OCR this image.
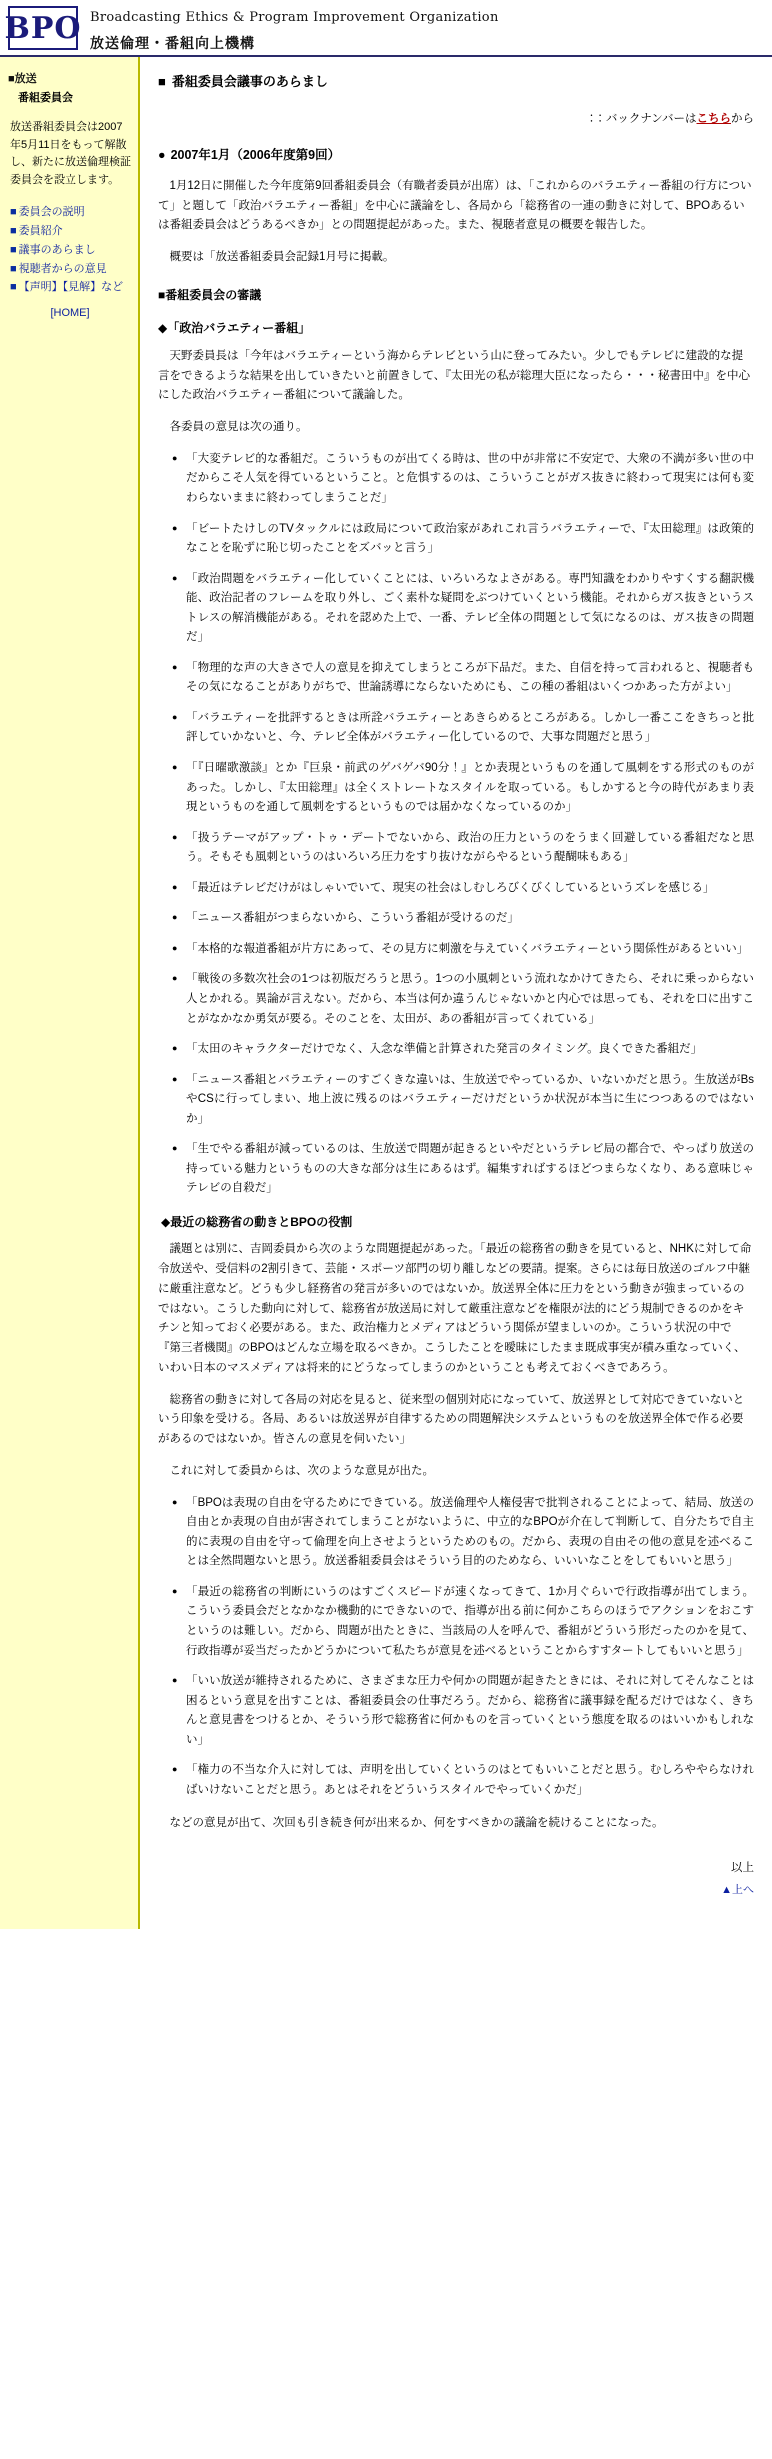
BPO Broadcasting Ethics & Program Improvement Organization
放送倫理・番組向上機構
■放送
番組委員会

放送番組委員会は2007年5月11日をもって解散し、新たに放送倫理検証委員会を設立します。

■ 委員会の説明
■ 委員紹介
■ 議事のあらまし
■ 視聴者からの意見
■ 【声明】【見解】など
[HOME]
■ 番組委員会議事のあらまし
：：バックナンバーはこちらから
● 2007年1月（2006年度第9回）

1月12日に開催した今年度第9回番組委員会（有職者委員が出席）は、「これからのバラエティー番組の行方について」と題して「政治バラエティー番組」を中心に議論をし、各局から「総務省の一連の動きに対して、BPOあるいは番組委員会はどうあるべきか」との問題提起があった。また、視聴者意見の概要を報告した。

概要は「放送番組委員会記録1月号に掲載。

■番組委員会の審議
◆「政治バラエティー番組」

天野委員長は「今年はバラエティーという海からテレビという山に登ってみたい。少しでもテレビに建設的な提言をできるような結果を出していきたいと前置きして、『太田光の私が総理大臣になったら・・・秘書田中』を中心にした政治バラエティー番組について議論した。

各委員の意見は次の通り。

● 「大変テレビ的な番組だ。こういうものが出てくる時は、世の中が非常に不安定で、大衆の不満が多い世の中だからこそ人気を得ているということ。と危惧するのは、こういうことがガス抜きに終わって現実には何も変わらないままに終わってしまうことだ」
● 「ビートたけしのTVタックルには政局について政治家があれこれ言うバラエティーで、『太田総理』は政策的なことを恥ずに恥じ切ったことをズバッと言う」
● 「政治問題をバラエティー化していくことには、いろいろなよさがある。専門知識をわかりやすくする翻訳機能、政治記者のフレームを取り外し、ごく素朴な疑問をぶつけていくという機能。それからガス抜きというストレスの解消機能がある。それを認めた上で、一番、テレビ全体の問題として気になるのは、ガス抜きの問題だ」
● 「物理的な声の大きさで人の意見を抑えてしまうところが下品だ。また、自信を持って言われると、視聴者もその気になることがありがちで、世論誘導にならないためにも、この種の番組はいくつかあった方がよい」
● 「バラエティーを批評するときは所詮バラエティーとあきらめるところがある。しかし一番ここをきちっと批評していかないと、今、テレビ全体がバラエティー化しているので、大事な問題だと思う」
● 「『日曜歌激談』とか『巨泉・前武のゲバゲバ90分！』とか表現というものを通して風刺をする形式のものがあった。しかし、『太田総理』は全くストレートなスタイルを取っている。もしかすると今の時代があまり表現というものを通して風刺をするというものでは届かなくなっているのか」
● 「扱うテーマがアップ・トゥ・デートでないから、政治の圧力というのをうまく回避している番組だなと思う。そもそも風刺というのはいろいろ圧力をすり抜けながらやるという醍醐味もある」
● 「最近はテレビだけがはしゃいでいて、現実の社会はしむしろびくびくしているというズレを感じる」
● 「ニュース番組がつまらないから、こういう番組が受けるのだ」
● 「本格的な報道番組が片方にあって、その見方に刺激を与えていくバラエティーという関係性があるといい」
● 「戦後の多数次社会の1つは初版だろうと思う。1つの小風刺という流れなかけてきたら、それに乗っからない人とかれる。異論が言えない。だから、本当は何か違うんじゃないかと内心では思っても、それを口に出すことがなかなか勇気が要る。そのことを、太田が、あの番組が言ってくれている」
● 「太田のキャラクターだけでなく、入念な準備と計算された発言のタイミング。良くできた番組だ」
● 「ニュース番組とバラエティーのすごくきな違いは、生放送でやっているか、いないかだと思う。生放送がBsやCSに行ってしまい、地上波に残るのはバラエティーだけだというか状況が本当に生につつあるのではないか」
● 「生でやる番組が減っているのは、生放送で問題が起きるといやだというテレビ局の都合で、やっぱり放送の持っている魅力というものの大きな部分は生にあるはず。編集すればするほどつまらなくなり、ある意味じゃテレビの自殺だ」
◆最近の総務省の動きとBPOの役割

議題とは別に、吉岡委員から次のような問題提起があった。「最近の総務省の動きを見ていると、NHKに対して命令放送や、受信料の2割引きて、芸能・スポーツ部門の切り離しなどの要請。提案。さらには毎日放送のゴルフ中継に厳重注意など。どうも少し経務省の発言が多いのではないか。放送界全体に圧力をという動きが強まっているのではない。こうした動向に対して、総務省が放送局に対して厳重注意などを権限が法的にどう規制できるのかをキチンと知っておく必要がある。また、政治権力とメディアはどういう関係が望ましいのか。こういう状況の中で『第三者機関』のBPOはどんな立場を取るべきか。こうしたことを曖昧にしたまま既成事実が積み重なっていく、いわい日本のマスメディアは将来的にどうなってしまうのかということも考えておくべきであろう。

総務省の動きに対して各局の対応を見ると、従来型の個別対応になっていて、放送界として対応できていないという印象を受ける。各局、あるいは放送界が自律するための問題解決システムというものを放送界全体で作る必要があるのではないか。皆さんの意見を伺いたい」

これに対して委員からは、次のような意見が出た。

● 「BPOは表現の自由を守るためにできている。放送倫理や人権侵害で批判されることによって、結局、放送の自由とか表現の自由が害されてしまうことがないように、中立的なBPOが介在して判断して、自分たちで自主的に表現の自由を守って倫理を向上させようというためのもの。だから、表現の自由その他の意見を述べることは全然問題ないと思う。放送番組委員会はそういう目的のためなら、いいいなことをしてもいいと思う」
● 「最近の総務省の判断にいうのはすごくスピードが速くなってきて、1か月ぐらいで行政指導が出てしまう。こういう委員会だとなかなか機動的にできないので、指導が出る前に何かこちらのほうでアクションをおこすというのは難しい。だから、問題が出たときに、当該局の人を呼んで、番組がどういう形だったのかを見て、行政指導が妥当だったかどうかについて私たちが意見を述べるということからすすタートしてもいいと思う」
● 「いい放送が維持されるために、さまざまな圧力や何かの問題が起きたときには、それに対してそんなことは困るという意見を出すことは、番組委員会の仕事だろう。だから、総務省に議事録を配るだけではなく、きちんと意見書をつけるとか、そういう形で総務省に何かものを言っていくという態度を取るのはいいかもしれない」
● 「権力の不当な介入に対しては、声明を出していくというのはとてもいいことだと思う。むしろややらなければいけないことだと思う。あとはそれをどういうスタイルでやっていくかだ」

などの意見が出て、次回も引き続き何が出来るか、何をすべきかの議論を続けることになった。

以上
▲上へ
